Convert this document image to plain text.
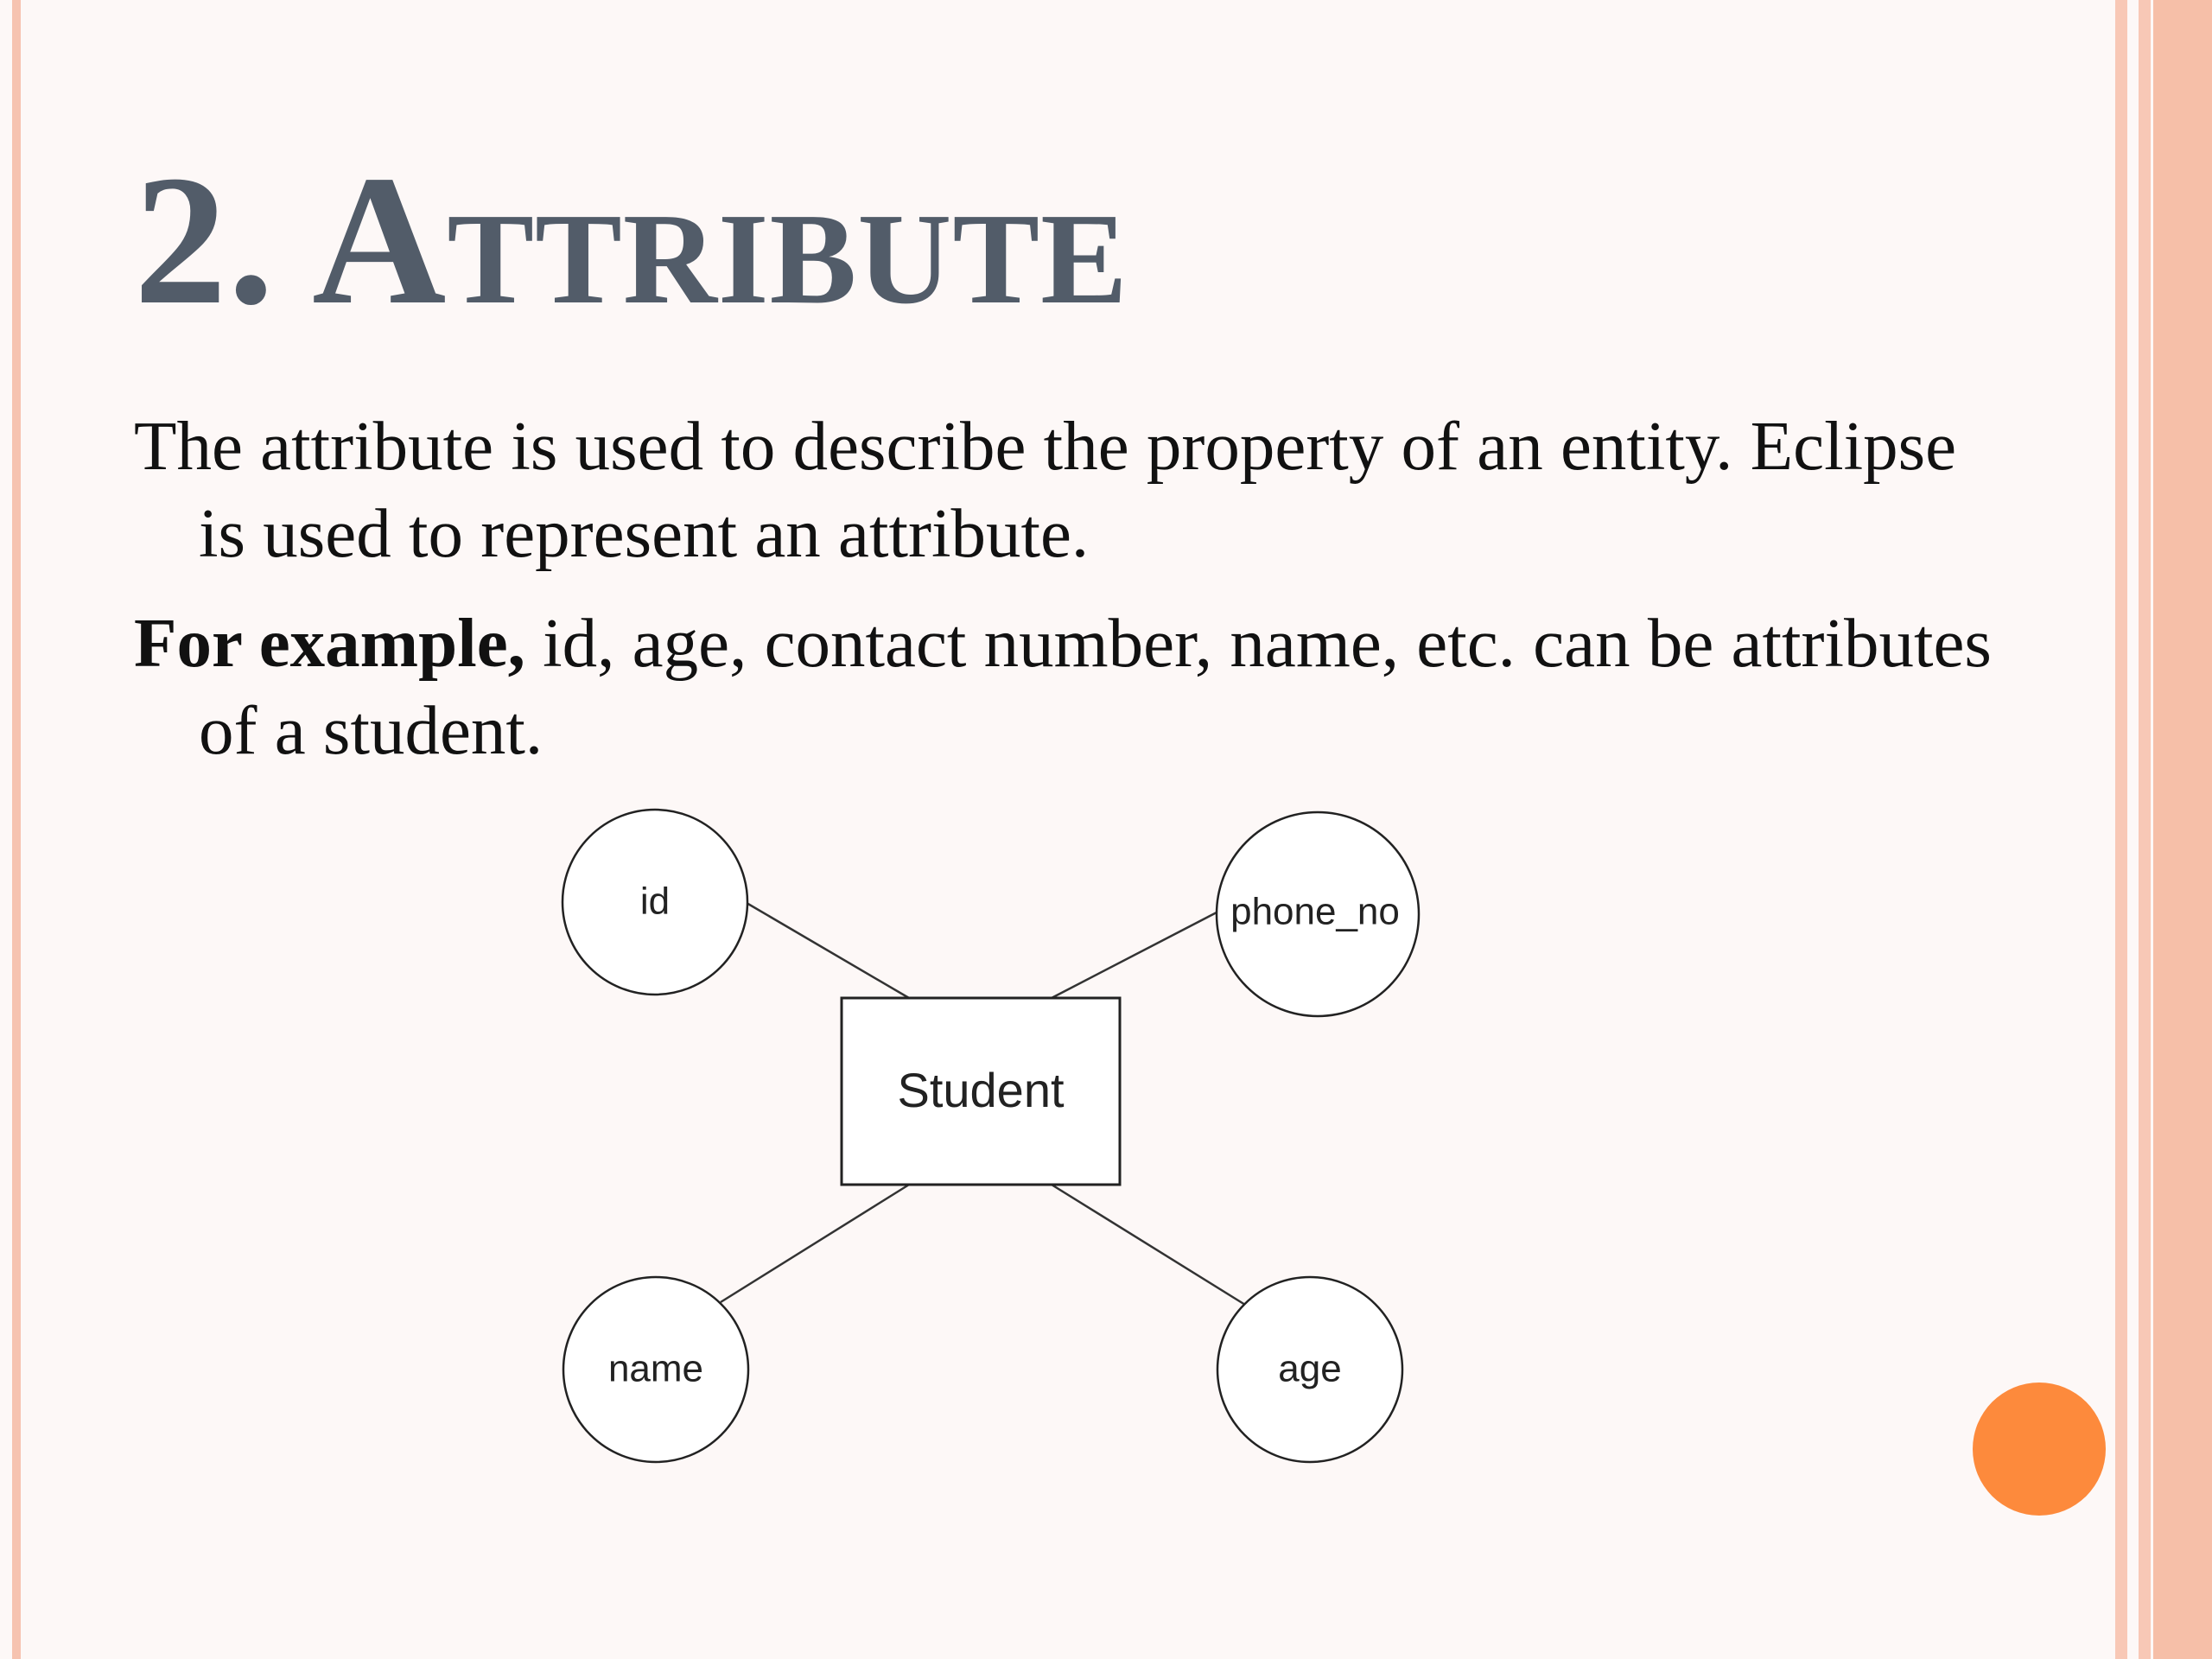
2. Attribute

The attribute is used to describe the property of an entity. Eclipse is used to represent an attribute.

For example, id, age, contact number, name, etc. can be attributes of a student.

Student
id	phone_no
name	age
